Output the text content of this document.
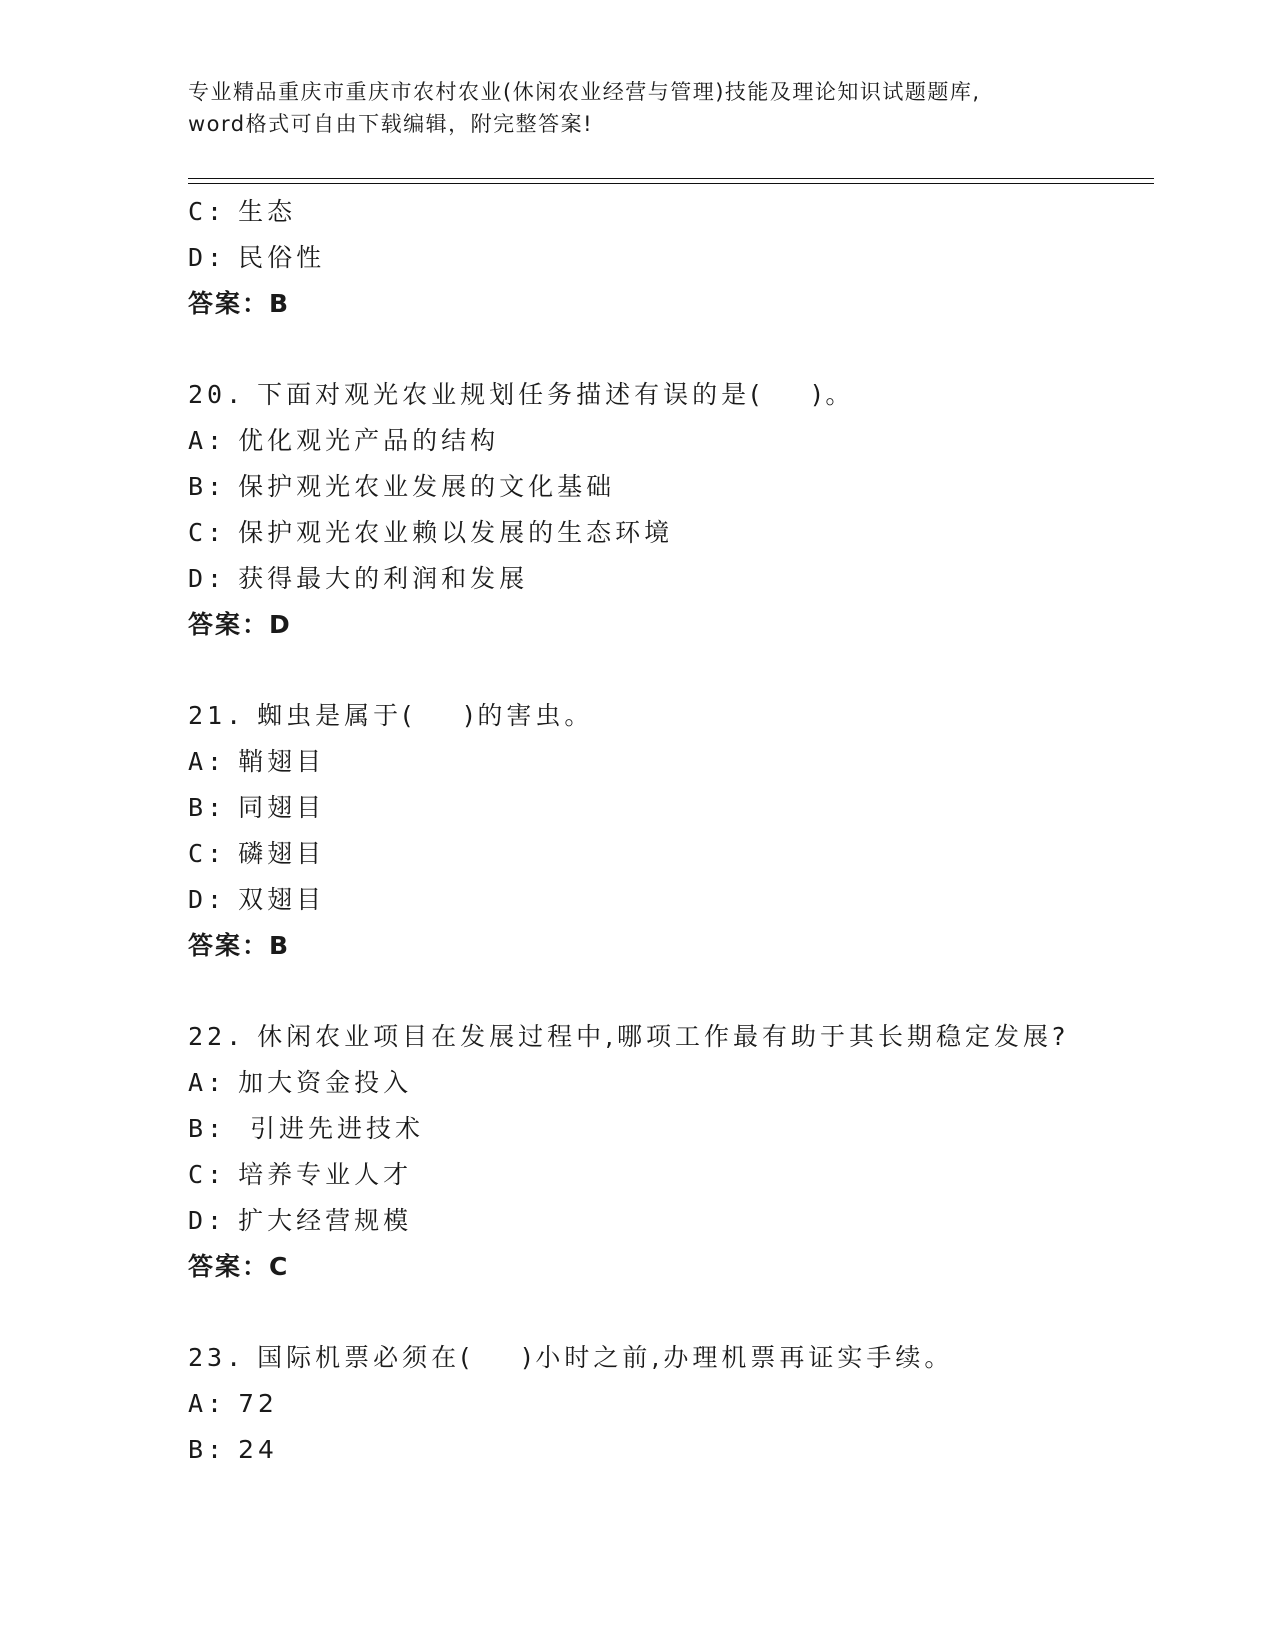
专业精品重庆市重庆市农村农业(休闲农业经营与管理)技能及理论知识试题题库,
word格式可自由下载编辑，附完整答案!
C: 生态
D: 民俗性
答案：B
20. 下面对观光农业规划任务描述有误的是(    )。
A: 优化观光产品的结构
B: 保护观光农业发展的文化基础
C: 保护观光农业赖以发展的生态环境
D: 获得最大的利润和发展
答案：D
21. 蜘虫是属于(    )的害虫。
A: 鞘翅目
B: 同翅目
C: 磷翅目
D: 双翅目
答案：B
22. 休闲农业项目在发展过程中,哪项工作最有助于其长期稳定发展?
A: 加大资金投入
B:  引进先进技术
C: 培养专业人才
D: 扩大经营规模
答案：C
23. 国际机票必须在(    )小时之前,办理机票再证实手续。
A: 72
B: 24
